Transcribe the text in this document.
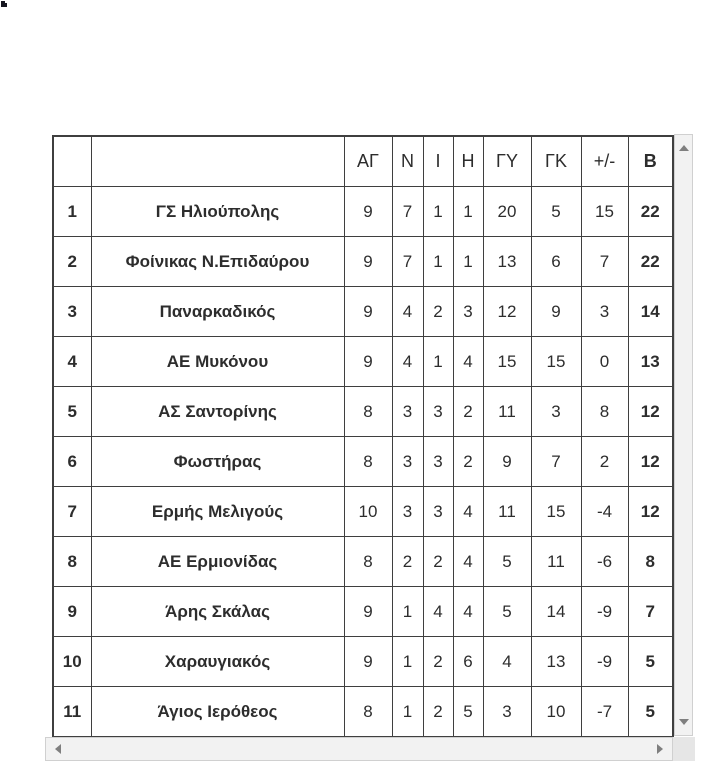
		ΑΓ	Ν	Ι	Η	ΓΥ	ΓΚ	+/-	Β
1	ΓΣ Ηλιούπολης	9	7	1	1	20	5	15	22
2	Φοίνικας Ν.Επιδαύρου	9	7	1	1	13	6	7	22
3	Παναρκαδικός	9	4	2	3	12	9	3	14
4	ΑΕ Μυκόνου	9	4	1	4	15	15	0	13
5	ΑΣ Σαντορίνης	8	3	3	2	11	3	8	12
6	Φωστήρας	8	3	3	2	9	7	2	12
7	Ερμής Μελιγούς	10	3	3	4	11	15	-4	12
8	ΑΕ Ερμιονίδας	8	2	2	4	5	11	-6	8
9	Άρης Σκάλας	9	1	4	4	5	14	-9	7
10	Χαραυγιακός	9	1	2	6	4	13	-9	5
11	Άγιος Ιερόθεος	8	1	2	5	3	10	-7	5
